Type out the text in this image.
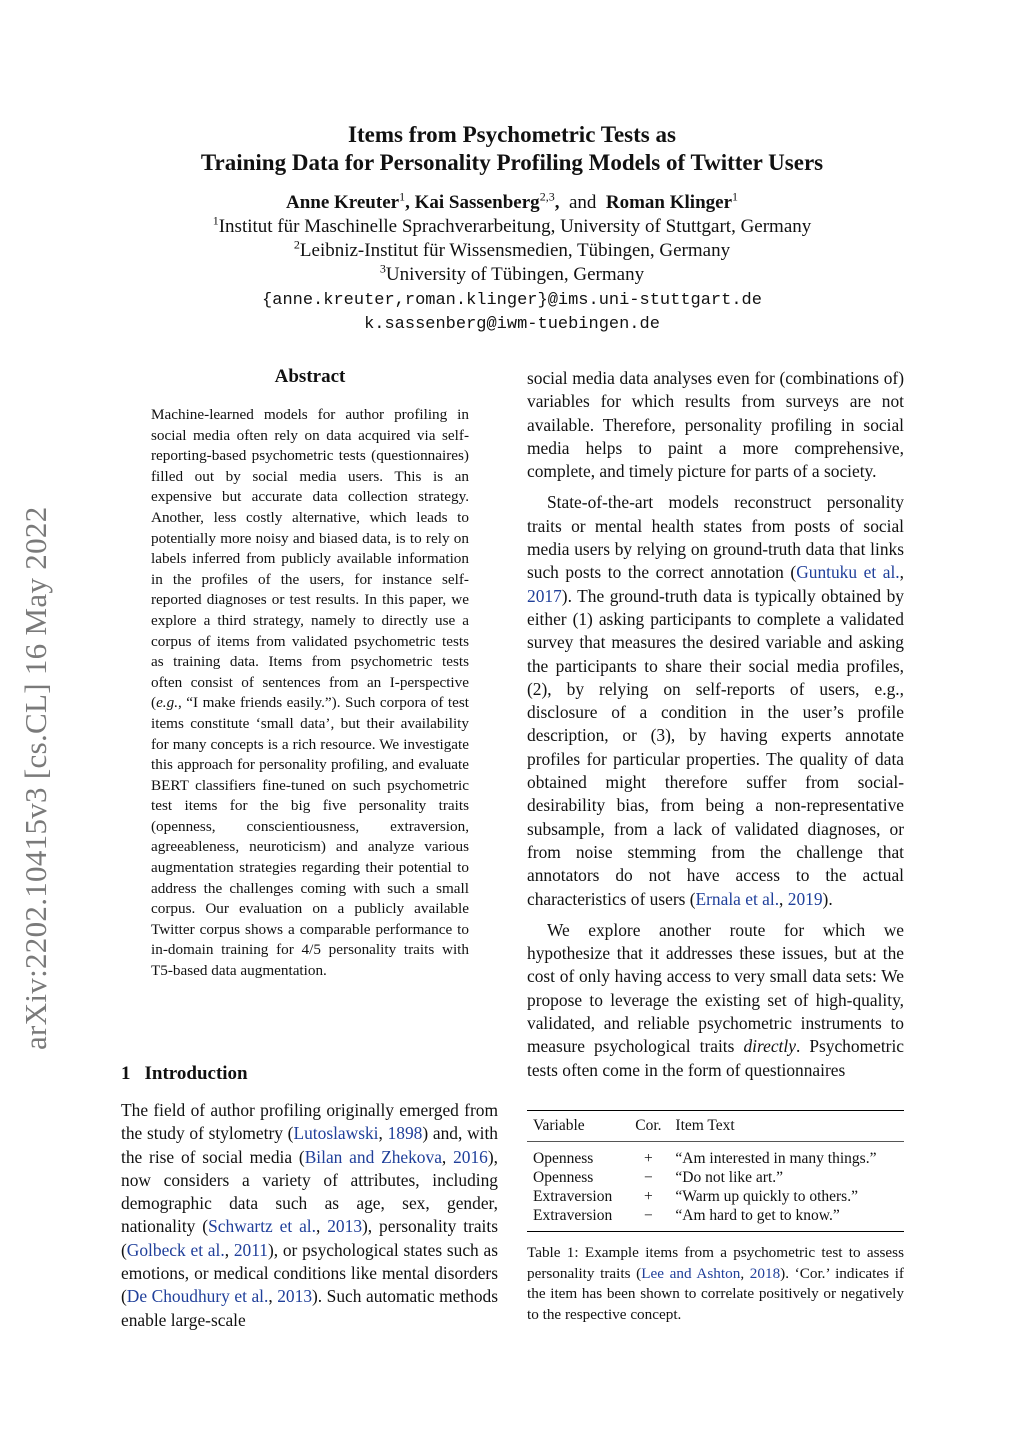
arXiv:2202.10415v3 [cs.CL] 16 May 2022
Items from Psychometric Tests as
Training Data for Personality Profiling Models of Twitter Users
Anne Kreuter$^1$, Kai Sassenberg$^{2,3}$, and Roman Klinger$^1$
$^1$Institut für Maschinelle Sprachverarbeitung, University of Stuttgart, Germany
$^2$Leibniz-Institut für Wissensmedien, Tübingen, Germany
$^3$University of Tübingen, Germany
{anne.kreuter,roman.klinger}@ims.uni-stuttgart.de
k.sassenberg@iwm-tuebingen.de
Abstract
Machine-learned models for author profiling in social media often rely on data acquired via self-reporting-based psychometric tests (questionnaires) filled out by social media users. This is an expensive but accurate data collection strategy. Another, less costly alternative, which leads to potentially more noisy and biased data, is to rely on labels inferred from publicly available information in the profiles of the users, for instance self-reported diagnoses or test results. In this paper, we explore a third strategy, namely to directly use a corpus of items from validated psychometric tests as training data. Items from psychometric tests often consist of sentences from an I-perspective (e.g., “I make friends easily.”). Such corpora of test items constitute ‘small data’, but their availability for many concepts is a rich resource. We investigate this approach for personality profiling, and evaluate BERT classifiers fine-tuned on such psychometric test items for the big five personality traits (openness, conscientiousness, extraversion, agreeableness, neuroticism) and analyze various augmentation strategies regarding their potential to address the challenges coming with such a small corpus. Our evaluation on a publicly available Twitter corpus shows a comparable performance to in-domain training for 4/5 personality traits with T5-based data augmentation.
1 Introduction
The field of author profiling originally emerged from the study of stylometry (Lutoslawski, 1898) and, with the rise of social media (Bilan and Zhekova, 2016), now considers a variety of attributes, including demographic data such as age, sex, gender, nationality (Schwartz et al., 2013), personality traits (Golbeck et al., 2011), or psychological states such as emotions, or medical conditions like mental disorders (De Choudhury et al., 2013). Such automatic methods enable large-scale

social media data analyses even for (combinations of) variables for which results from surveys are not available. Therefore, personality profiling in social media helps to paint a more comprehensive, complete, and timely picture for parts of a society.

State-of-the-art models reconstruct personality traits or mental health states from posts of social media users by relying on ground-truth data that links such posts to the correct annotation (Guntuku et al., 2017). The ground-truth data is typically obtained by either (1) asking participants to complete a validated survey that measures the desired variable and asking the participants to share their social media profiles, (2), by relying on self-reports of users, e.g., disclosure of a condition in the user’s profile description, or (3), by having experts annotate profiles for particular properties. The quality of data obtained might therefore suffer from social-desirability bias, from being a non-representative subsample, from a lack of validated diagnoses, or from noise stemming from the challenge that annotators do not have access to the actual characteristics of users (Ernala et al., 2019).

We explore another route for which we hypothesize that it addresses these issues, but at the cost of only having access to very small data sets: We propose to leverage the existing set of high-quality, validated, and reliable psychometric instruments to measure psychological traits directly. Psychometric tests often come in the form of questionnaires

Variable	Cor.	Item Text
Openness	+	“Am interested in many things.”
Openness	−	“Do not like art.”
Extraversion	+	“Warm up quickly to others.”
Extraversion	−	“Am hard to get to know.”
Table 1: Example items from a psychometric test to assess personality traits (Lee and Ashton, 2018). ‘Cor.’ indicates if the item has been shown to correlate positively or negatively to the respective concept.
